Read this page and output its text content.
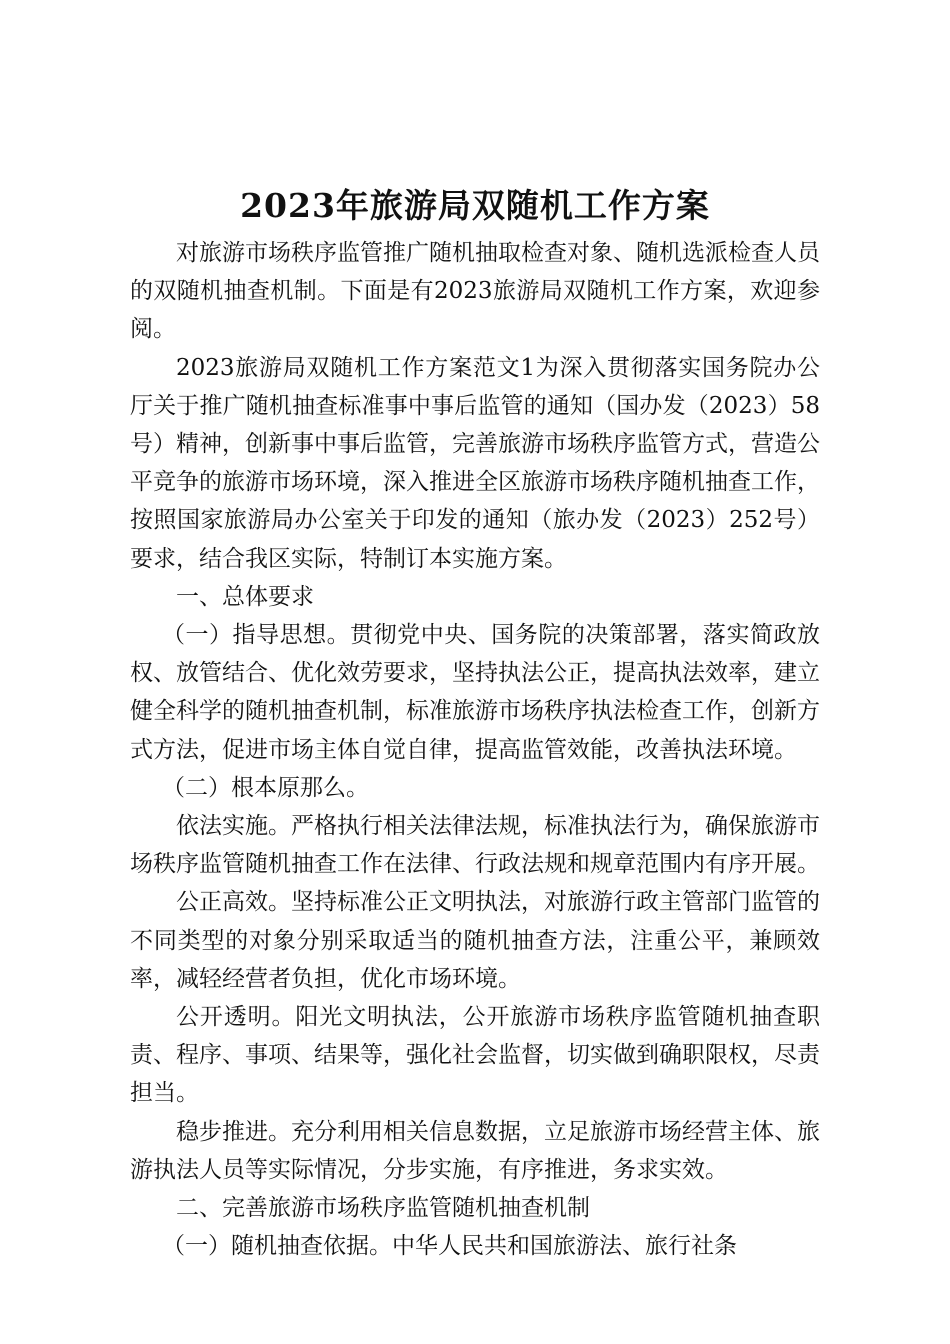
2023年旅游局双随机工作方案

对旅游市场秩序监管推广随机抽取检查对象、随机选派检查人员的双随机抽查机制。下面是有2023旅游局双随机工作方案，欢迎参阅。

2023旅游局双随机工作方案范文1为深入贯彻落实国务院办公厅关于推广随机抽查标准事中事后监管的通知（国办发（2023）58号）精神，创新事中事后监管，完善旅游市场秩序监管方式，营造公平竞争的旅游市场环境，深入推进全区旅游市场秩序随机抽查工作，按照国家旅游局办公室关于印发的通知（旅办发（2023）252号）要求，结合我区实际，特制订本实施方案。

一、总体要求

（一）指导思想。贯彻党中央、国务院的决策部署，落实简政放权、放管结合、优化效劳要求，坚持执法公正，提高执法效率，建立健全科学的随机抽查机制，标准旅游市场秩序执法检查工作，创新方式方法，促进市场主体自觉自律，提高监管效能，改善执法环境。

（二）根本原那么。

依法实施。严格执行相关法律法规，标准执法行为，确保旅游市场秩序监管随机抽查工作在法律、行政法规和规章范围内有序开展。

公正高效。坚持标准公正文明执法，对旅游行政主管部门监管的不同类型的对象分别采取适当的随机抽查方法，注重公平，兼顾效率，减轻经营者负担，优化市场环境。

公开透明。阳光文明执法，公开旅游市场秩序监管随机抽查职责、程序、事项、结果等，强化社会监督，切实做到确职限权，尽责担当。

稳步推进。充分利用相关信息数据，立足旅游市场经营主体、旅游执法人员等实际情况，分步实施，有序推进，务求实效。

二、完善旅游市场秩序监管随机抽查机制

（一）随机抽查依据。中华人民共和国旅游法、旅行社条
